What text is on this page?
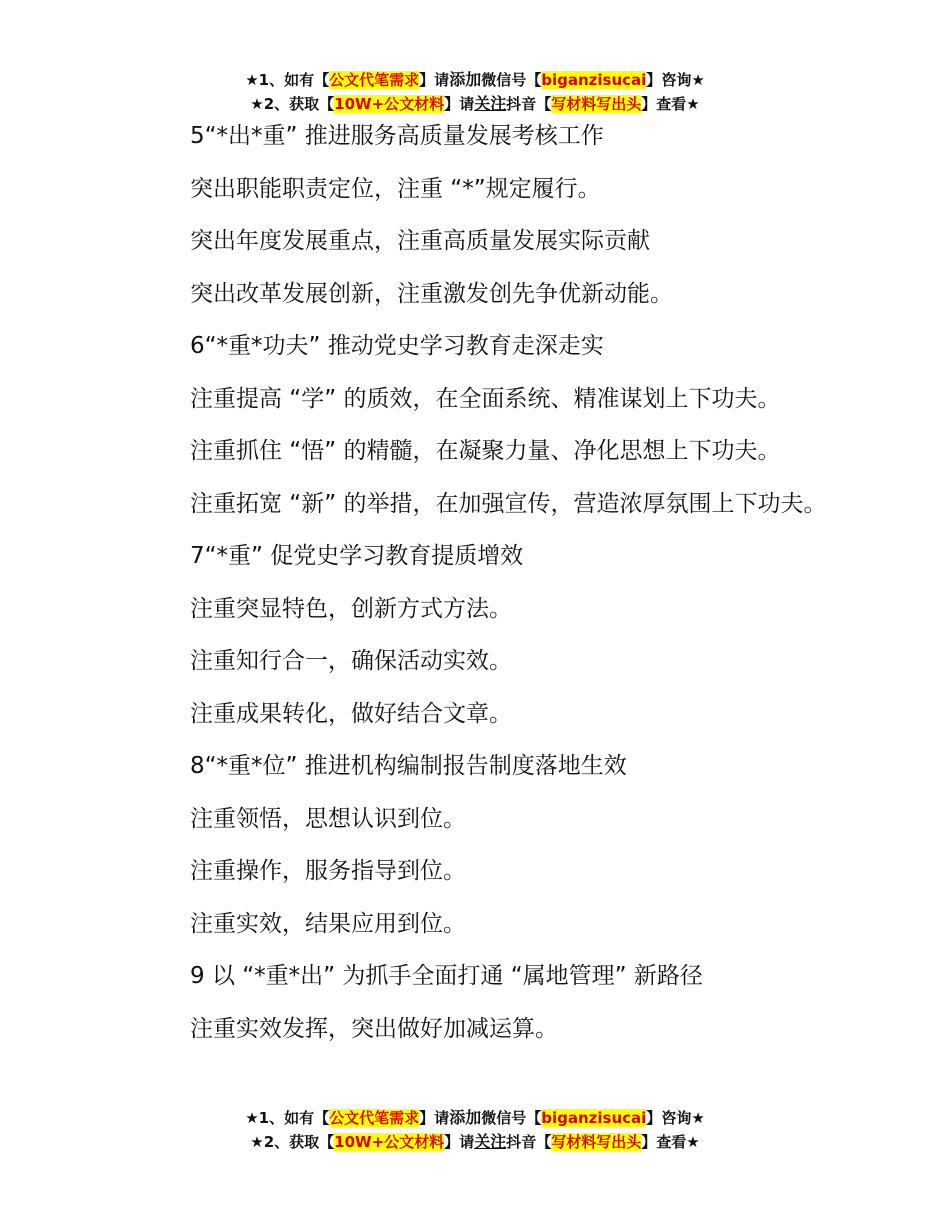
★1、如有【公文代笔需求】请添加微信号【biganzisucai】咨询★
★2、获取【10W+公文材料】请关注抖音【写材料写出头】查看★

5“*出*重” 推进服务高质量发展考核工作

突出职能职责定位，注重 “*”规定履行。

突出年度发展重点，注重高质量发展实际贡献

突出改革发展创新，注重激发创先争优新动能。

6“*重*功夫” 推动党史学习教育走深走实

注重提高 “学” 的质效，在全面系统、精准谋划上下功夫。

注重抓住 “悟” 的精髓，在凝聚力量、净化思想上下功夫。

注重拓宽 “新” 的举措，在加强宣传，营造浓厚氛围上下功夫。

7“*重” 促党史学习教育提质增效

注重突显特色，创新方式方法。

注重知行合一，确保活动实效。

注重成果转化，做好结合文章。

8“*重*位” 推进机构编制报告制度落地生效

注重领悟，思想认识到位。

注重操作，服务指导到位。

注重实效，结果应用到位。

9 以 “*重*出” 为抓手全面打通 “属地管理” 新路径

注重实效发挥，突出做好加减运算。

★1、如有【公文代笔需求】请添加微信号【biganzisucai】咨询★
★2、获取【10W+公文材料】请关注抖音【写材料写出头】查看★
